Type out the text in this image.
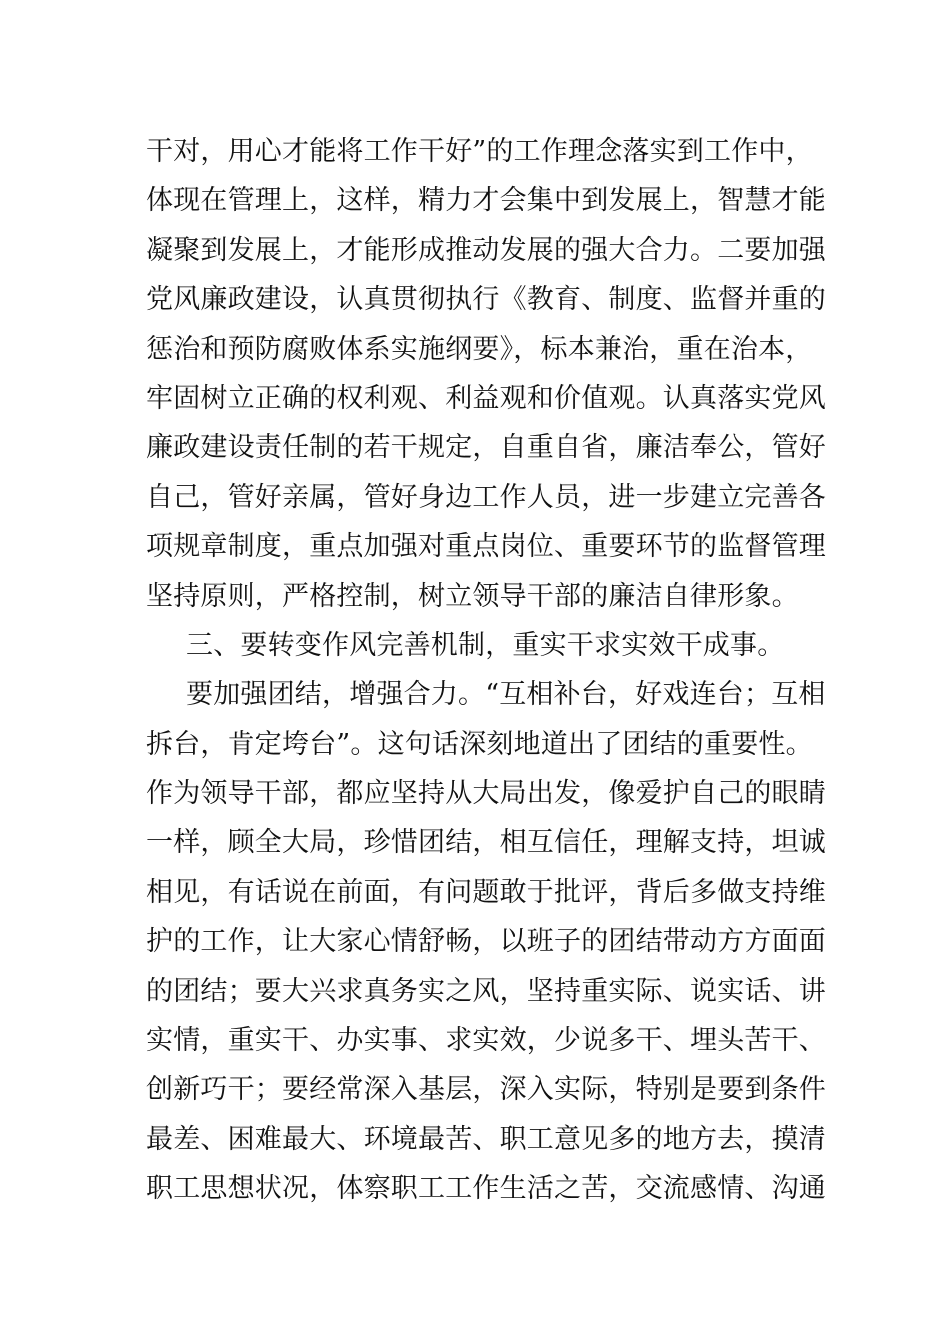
干对，用心才能将工作干好”的工作理念落实到工作中，
体现在管理上，这样，精力才会集中到发展上，智慧才能
凝聚到发展上，才能形成推动发展的强大合力。二要加强
党风廉政建设，认真贯彻执行《教育、制度、监督并重的
惩治和预防腐败体系实施纲要》，标本兼治，重在治本，
牢固树立正确的权利观、利益观和价值观。认真落实党风
廉政建设责任制的若干规定，自重自省，廉洁奉公，管好
自己，管好亲属，管好身边工作人员，进一步建立完善各
项规章制度，重点加强对重点岗位、重要环节的监督管理
坚持原则，严格控制，树立领导干部的廉洁自律形象。
三、要转变作风完善机制，重实干求实效干成事。
要加强团结，增强合力。“互相补台，好戏连台；互相
拆台，肯定垮台”。这句话深刻地道出了团结的重要性。
作为领导干部，都应坚持从大局出发，像爱护自己的眼睛
一样，顾全大局，珍惜团结，相互信任，理解支持，坦诚
相见，有话说在前面，有问题敢于批评，背后多做支持维
护的工作，让大家心情舒畅，以班子的团结带动方方面面
的团结；要大兴求真务实之风，坚持重实际、说实话、讲
实情，重实干、办实事、求实效，少说多干、埋头苦干、
创新巧干；要经常深入基层，深入实际，特别是要到条件
最差、困难最大、环境最苦、职工意见多的地方去，摸清
职工思想状况，体察职工工作生活之苦，交流感情、沟通
